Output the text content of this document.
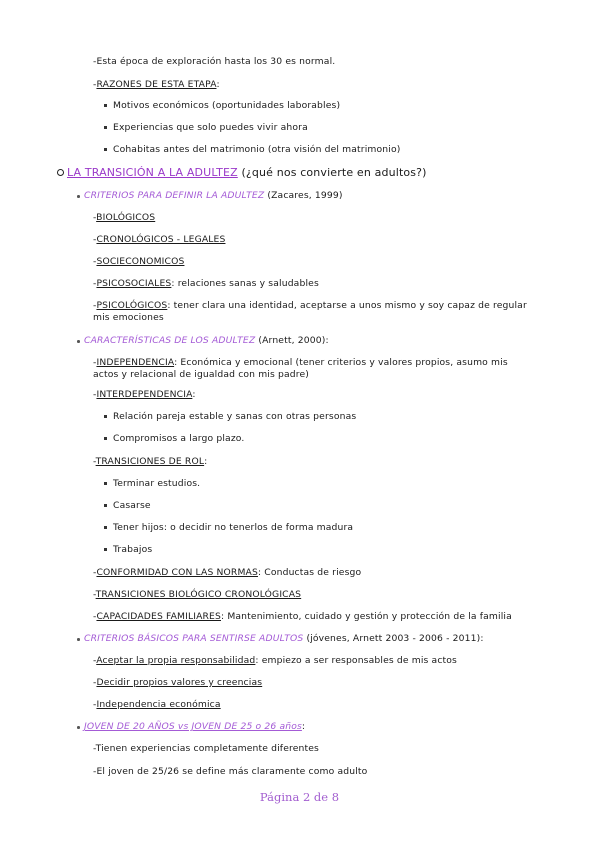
-Esta época de exploración hasta los 30 es normal.
-RAZONES DE ESTA ETAPA:
Motivos económicos (oportunidades laborables)
Experiencias que solo puedes vivir ahora
Cohabitas antes del matrimonio (otra visión del matrimonio)
LA TRANSICIÓN A LA ADULTEZ (¿qué nos convierte en adultos?)
CRITERIOS PARA DEFINIR LA ADULTEZ (Zacares, 1999)
-BIOLÓGICOS
-CRONOLÓGICOS - LEGALES
-SOCIECONOMICOS
-PSICOSOCIALES: relaciones sanas y saludables
-PSICOLÓGICOS: tener clara una identidad, aceptarse a unos mismo y soy capaz de regular mis emociones
CARACTERÍSTICAS DE LOS ADULTEZ (Arnett, 2000):
-INDEPENDENCIA: Económica y emocional (tener criterios y valores propios, asumo mis actos y relacional de igualdad con mis padre)
-INTERDEPENDENCIA:
Relación pareja estable y sanas con otras personas
Compromisos a largo plazo.
-TRANSICIONES DE ROL:
Terminar estudios.
Casarse
Tener hijos: o decidir no tenerlos de forma madura
Trabajos
-CONFORMIDAD CON LAS NORMAS: Conductas de riesgo
-TRANSICIONES BIOLÓGICO CRONOLÓGICAS
-CAPACIDADES FAMILIARES: Mantenimiento, cuidado y gestión y protección de la familia
CRITERIOS BÁSICOS PARA SENTIRSE ADULTOS (jóvenes, Arnett 2003 - 2006 - 2011):
-Aceptar la propia responsabilidad: empiezo a ser responsables de mis actos
-Decidir propios valores y creencias
-Independencia económica
JOVEN DE 20 AÑOS vs JOVEN DE 25 o 26 años:
-Tienen experiencias completamente diferentes
-El joven de 25/26 se define más claramente como adulto
Página 2 de 8
